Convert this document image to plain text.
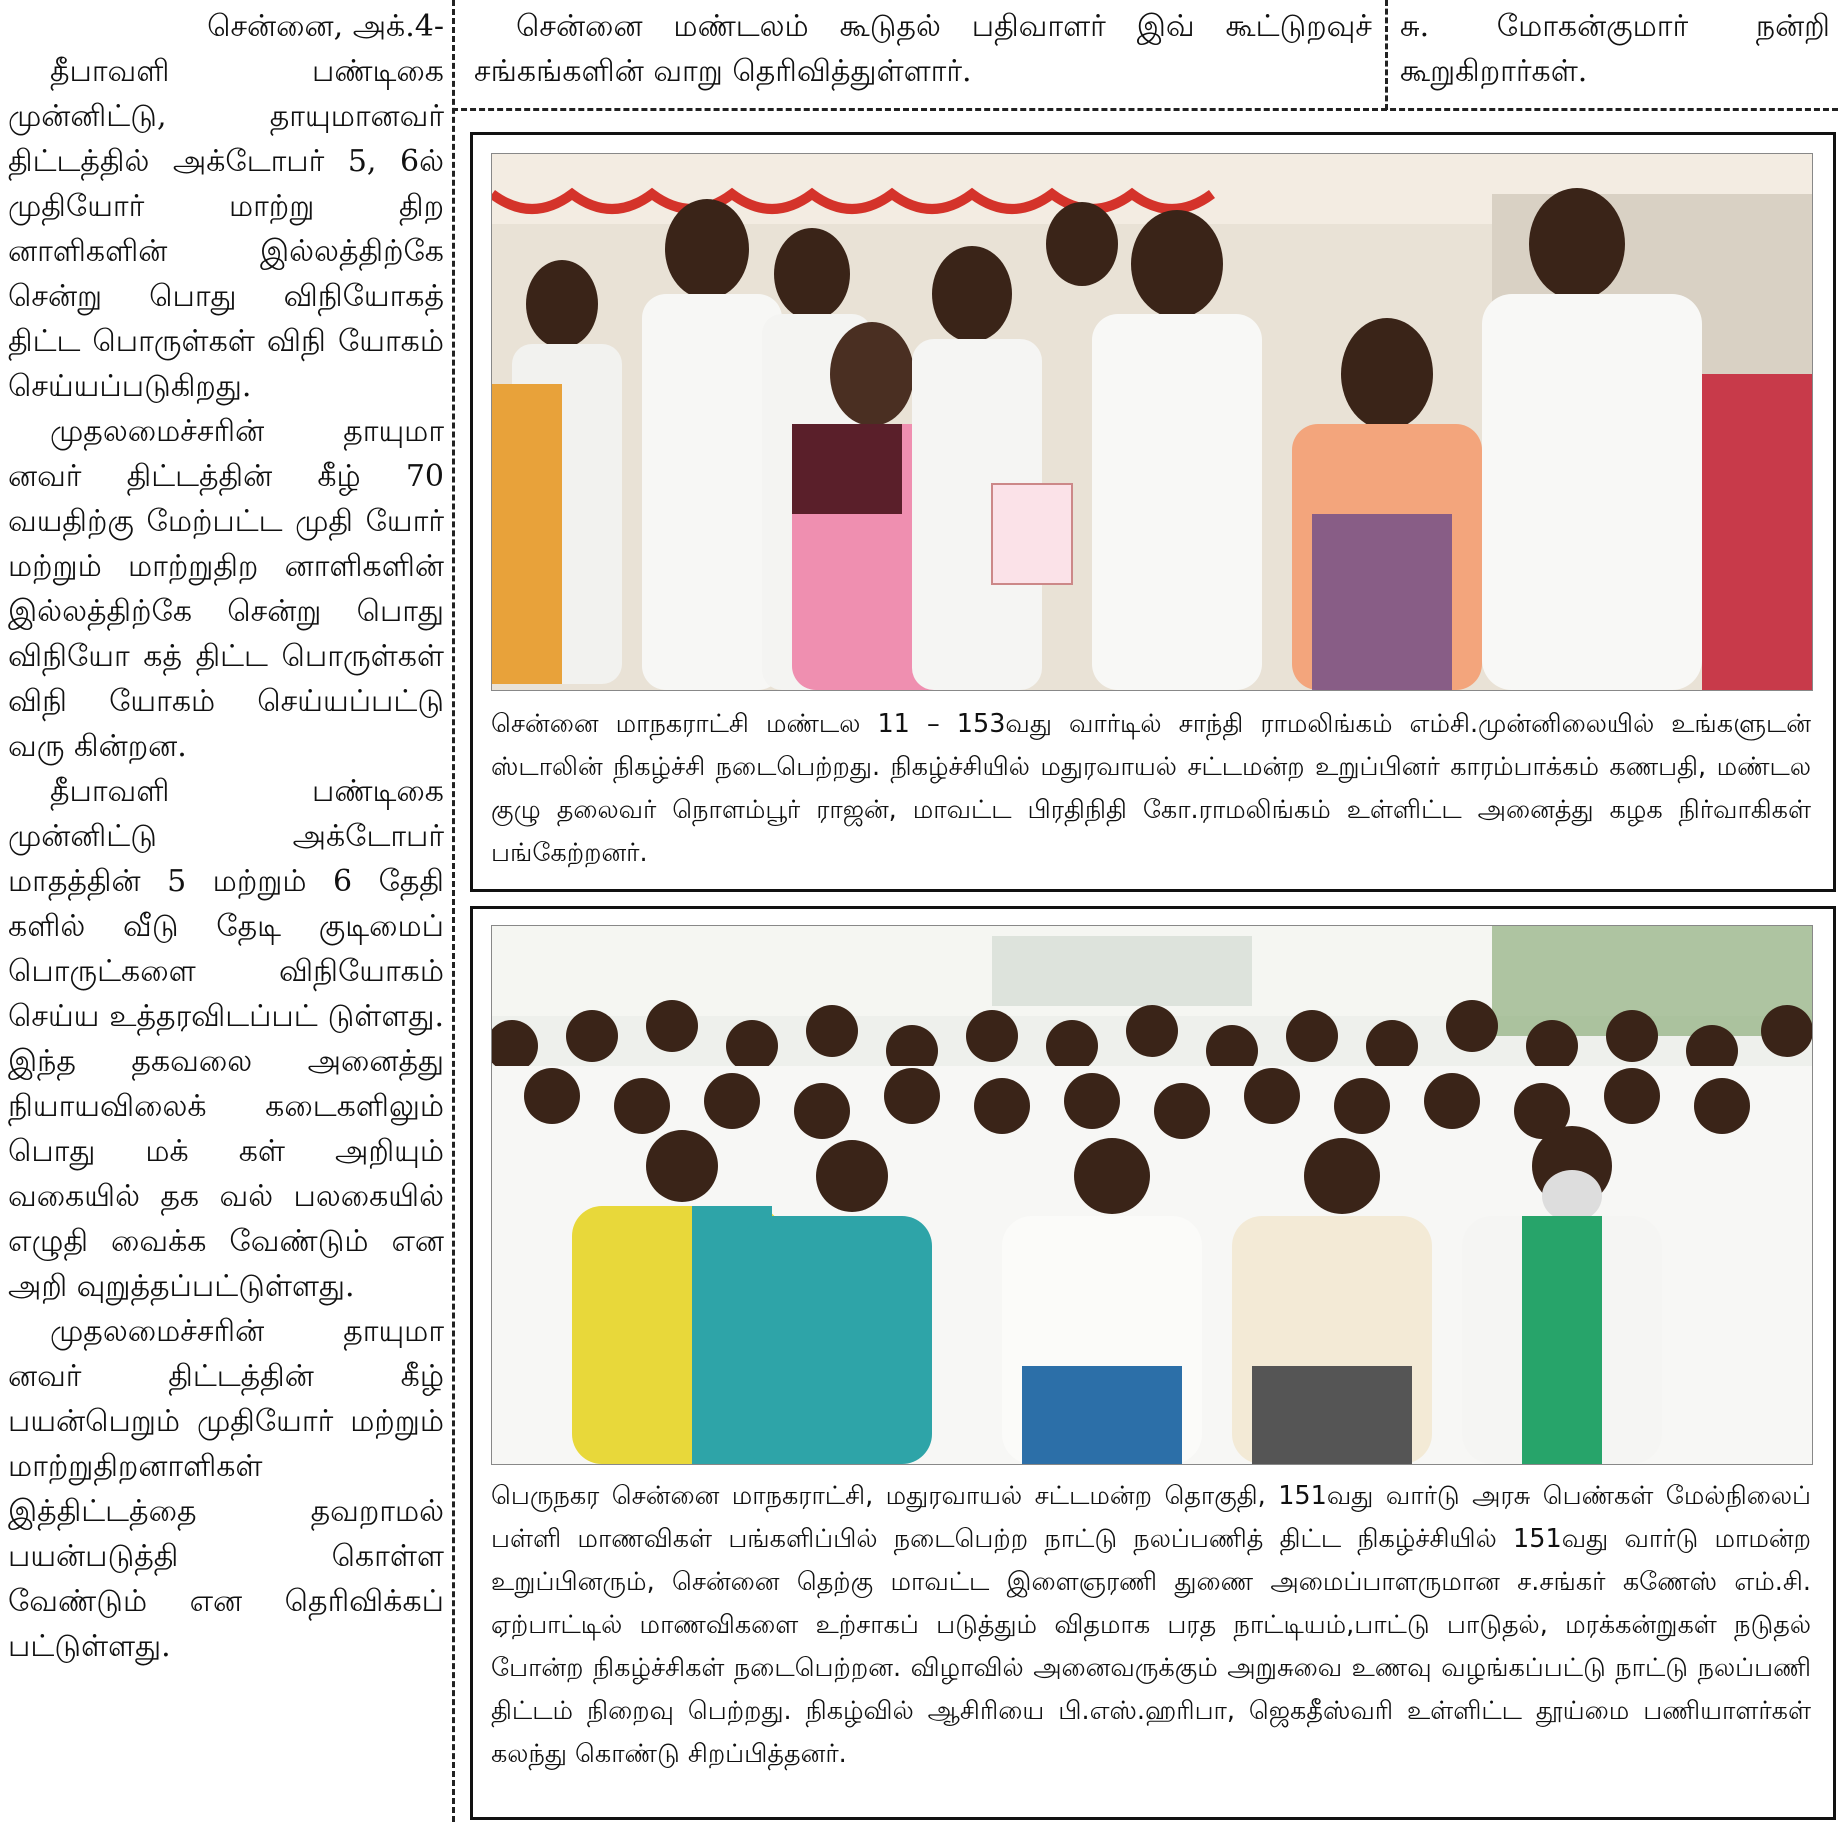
சென்னை, அக்.4-

தீபாவளி பண்டிகை முன்னிட்டு, தாயுமானவர் திட்டத்தில் அக்டோபர் 5, 6ல் முதியோர் மாற்று திற னாளிகளின் இல்லத்திற்கே சென்று பொது விநியோகத் திட்ட பொருள்கள் விநி யோகம் செய்யப்படுகிறது.

முதலமைச்சரின் தாயுமா னவர் திட்டத்தின் கீழ் 70 வயதிற்கு மேற்பட்ட முதி யோர் மற்றும் மாற்றுதிற னாளிகளின் இல்லத்திற்கே சென்று பொது விநியோ கத் திட்ட பொருள்கள் விநி யோகம் செய்யப்பட்டு வரு கின்றன.

தீபாவளி பண்டிகை முன்னிட்டு அக்டோபர் மாதத்தின் 5 மற்றும் 6 தேதி களில் வீடு தேடி குடிமைப் பொருட்களை விநியோகம் செய்ய உத்தரவிடப்பட் டுள்ளது. இந்த தகவலை அனைத்து நியாயவிலைக் கடைகளிலும் பொது மக் கள் அறியும் வகையில் தக வல் பலகையில் எழுதி வைக்க வேண்டும் என அறி வுறுத்தப்பட்டுள்ளது.

முதலமைச்சரின் தாயுமா னவர் திட்டத்தின் கீழ் பயன்பெறும் முதியோர் மற்றும் மாற்றுதிறனாளிகள் இத்திட்டத்தை தவறாமல் பயன்படுத்தி கொள்ள வேண்டும் என தெரிவிக்கப் பட்டுள்ளது.

சென்னை மண்டலம் கூடுதல் பதிவாளர் இவ் கூட்டுறவுச் சங்கங்களின் வாறு தெரிவித்துள்ளார்.
சு. மோகன்குமார் நன்றி கூறுகிறார்கள்.
சென்னை மாநகராட்சி மண்டல 11 – 153வது வார்டில் சாந்தி ராமலிங்கம் எம்சி.முன்னிலையில் உங்களுடன் ஸ்டாலின் நிகழ்ச்சி நடைபெற்றது. நிகழ்ச்சியில் மதுரவாயல் சட்டமன்ற உறுப்பினர் காரம்பாக்கம் கணபதி, மண்டல குழு தலைவர் நொளம்பூர் ராஜன், மாவட்ட பிரதிநிதி கோ.ராமலிங்கம் உள்ளிட்ட அனைத்து கழக நிர்வாகிகள் பங்கேற்றனர்.
பெருநகர சென்னை மாநகராட்சி, மதுரவாயல் சட்டமன்ற தொகுதி, 151வது வார்டு அரசு பெண்கள் மேல்நிலைப் பள்ளி மாணவிகள் பங்களிப்பில் நடைபெற்ற நாட்டு நலப்பணித் திட்ட நிகழ்ச்சியில் 151வது வார்டு மாமன்ற உறுப்பினரும், சென்னை தெற்கு மாவட்ட இளைஞரணி துணை அமைப்பாளருமான ச.சங்கர் கணேஸ் எம்.சி. ஏற்பாட்டில் மாணவிகளை உற்சாகப் படுத்தும் விதமாக பரத நாட்டியம்,பாட்டு பாடுதல், மரக்கன்றுகள் நடுதல் போன்ற நிகழ்ச்சிகள் நடைபெற்றன. விழாவில் அனைவருக்கும் அறுசுவை உணவு வழங்கப்பட்டு நாட்டு நலப்பணி திட்டம் நிறைவு பெற்றது. நிகழ்வில் ஆசிரியை பி.எஸ்.ஹரிபா, ஜெகதீஸ்வரி உள்ளிட்ட தூய்மை பணியாளர்கள் கலந்து கொண்டு சிறப்பித்தனர்.
